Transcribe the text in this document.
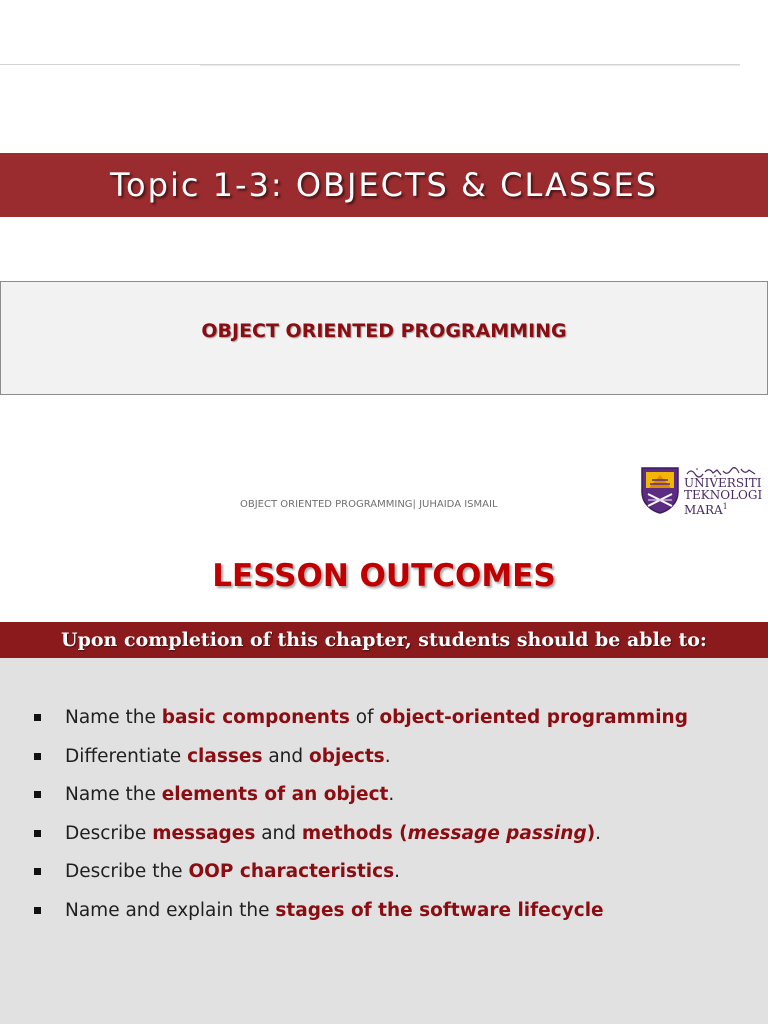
Topic 1-3: OBJECTS & CLASSES
OBJECT ORIENTED PROGRAMMING
OBJECT ORIENTED PROGRAMMING| JUHAIDA ISMAIL
UNIVERSITI
TEKNOLOGI
MARA$^1$
LESSON OUTCOMES
Upon completion of this chapter, students should be able to:
Name the basic components of object-oriented programming
Differentiate classes and objects.
Name the elements of an object.
Describe messages and methods (message passing).
Describe the OOP characteristics.
Name and explain the stages of the software lifecycle
